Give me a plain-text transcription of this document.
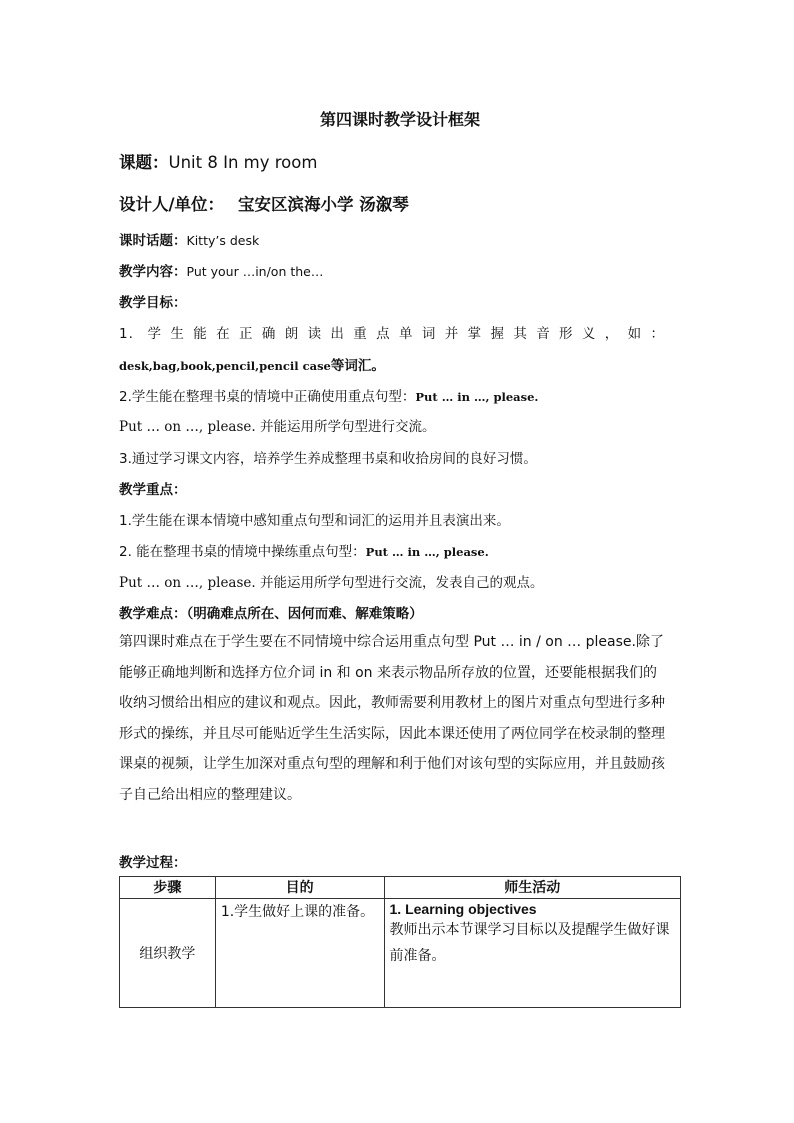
第四课时教学设计框架
课题：Unit 8 In my room
设计人/单位： 宝安区滨海小学 汤溆琴
课时话题：Kitty’s desk
教学内容：Put your …in/on the…
教学目标：
1. 学生能在正确朗读出重点单词并掌握其音形义，如：
desk,bag,book,pencil,pencil case等词汇。
2.学生能在整理书桌的情境中正确使用重点句型：Put … in …, please.
Put … on …, please. 并能运用所学句型进行交流。
3.通过学习课文内容，培养学生养成整理书桌和收拾房间的良好习惯。
教学重点：
1.学生能在课本情境中感知重点句型和词汇的运用并且表演出来。
2. 能在整理书桌的情境中操练重点句型：Put … in …, please.
Put … on …, please. 并能运用所学句型进行交流，发表自己的观点。
教学难点：（明确难点所在、因何而难、解难策略）
第四课时难点在于学生要在不同情境中综合运用重点句型 Put … in / on … please.除了能够正确地判断和选择方位介词 in 和 on 来表示物品所存放的位置，还要能根据我们的收纳习惯给出相应的建议和观点。因此，教师需要利用教材上的图片对重点句型进行多种形式的操练，并且尽可能贴近学生生活实际，因此本课还使用了两位同学在校录制的整理课桌的视频，让学生加深对重点句型的理解和利于他们对该句型的实际应用，并且鼓励孩子自己给出相应的整理建议。
教学过程：
步骤	目的	师生活动
组织教学	1.学生做好上课的准备。	1. Learning objectives
教师出示本节课学习目标以及提醒学生做好课前准备。
